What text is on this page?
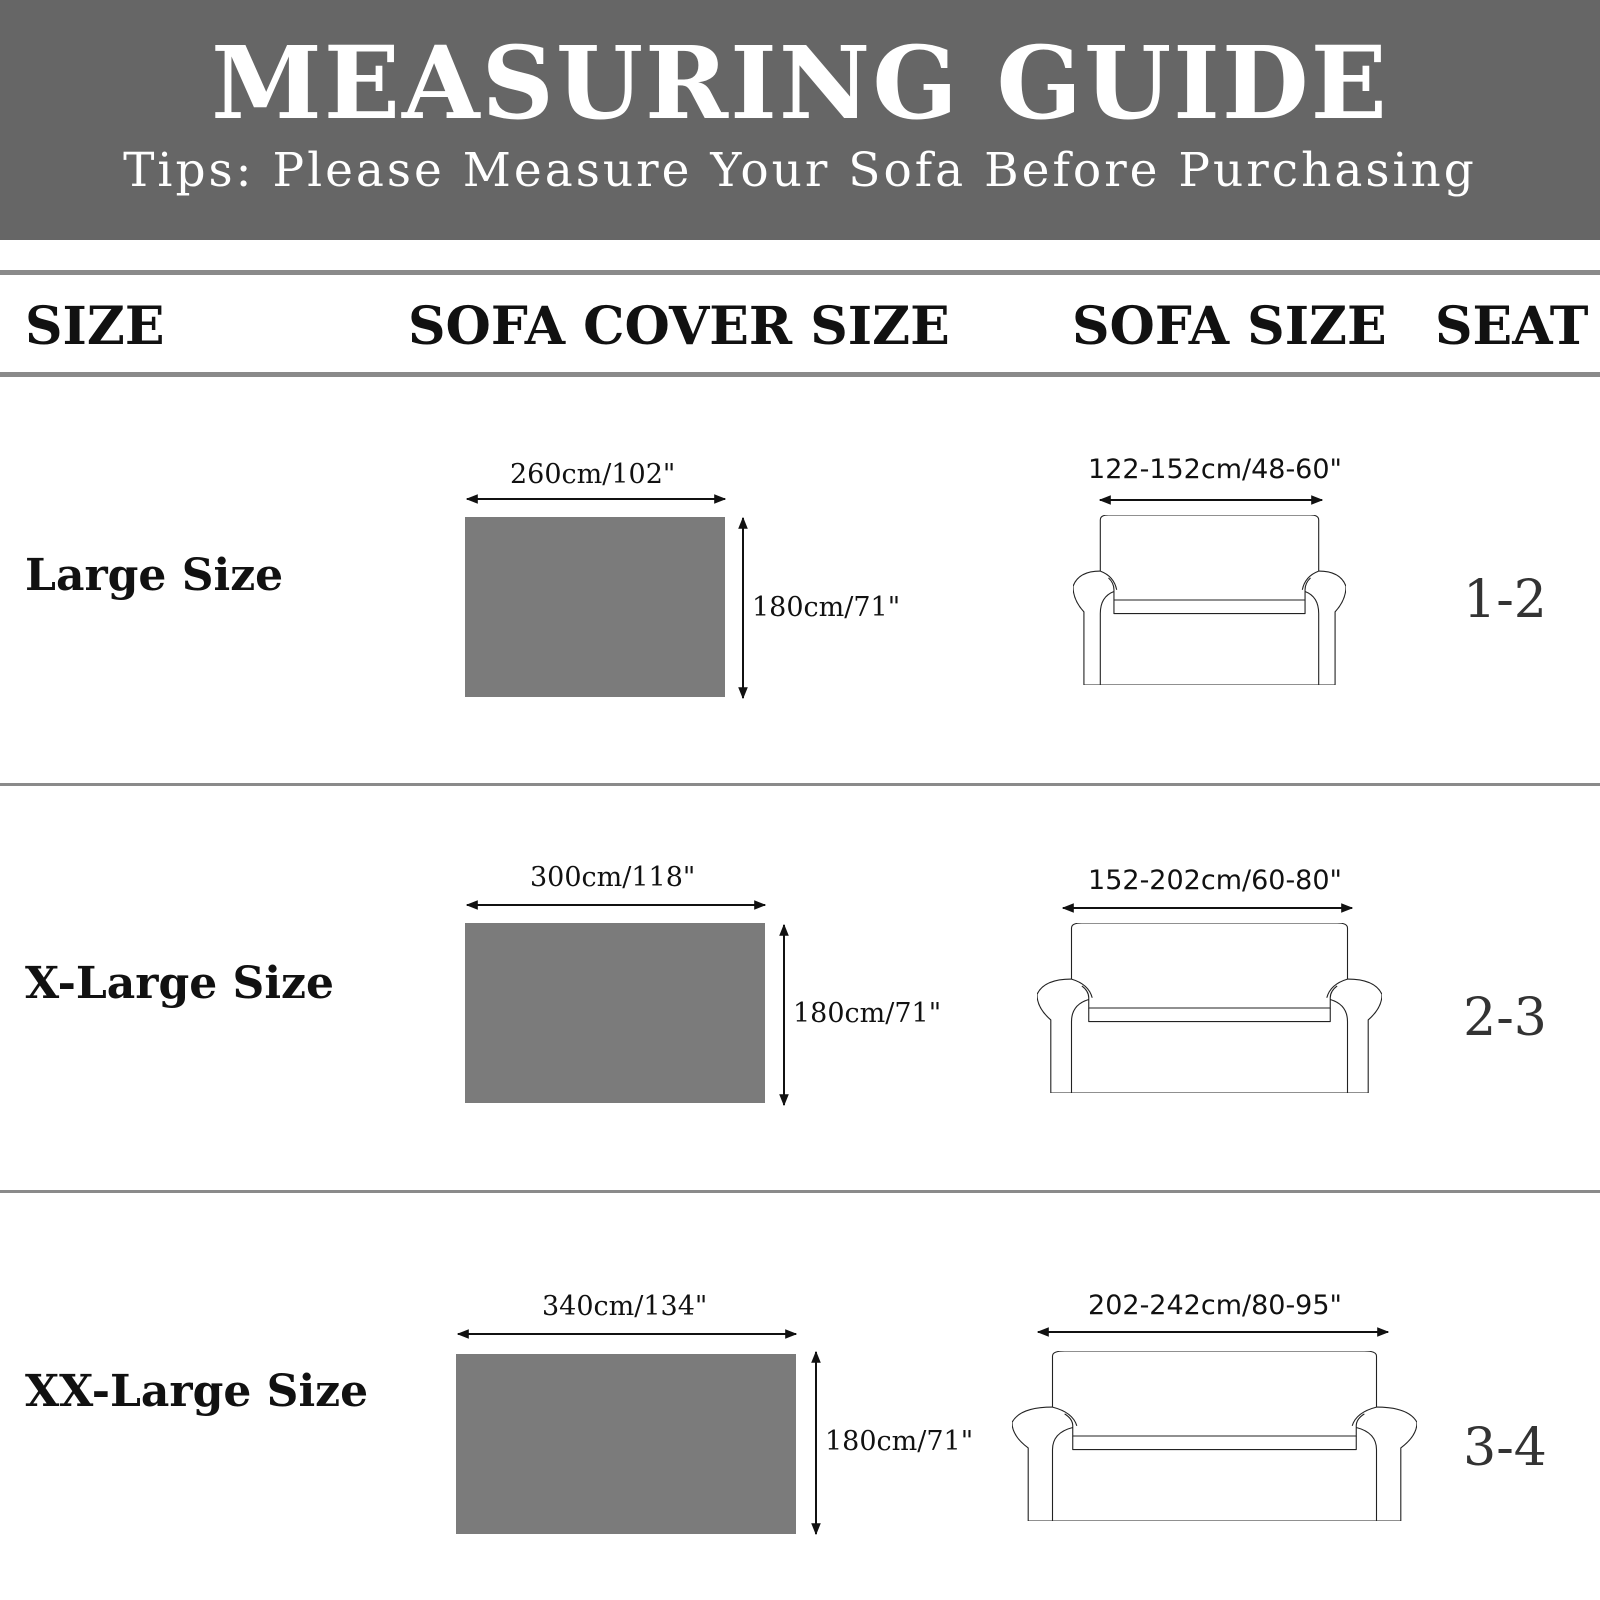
MEASURING GUIDE
Tips: Please Measure Your Sofa Before Purchasing
SIZE	SOFA COVER SIZE SOFA SIZE SEAT
Large Size
260cm/102"
180cm/71"
122-152cm/48-60"
1-2
X-Large Size
300cm/118"
180cm/71"
152-202cm/60-80"
2-3
XX-Large Size
340cm/134"
180cm/71"
202-242cm/80-95"
3-4
